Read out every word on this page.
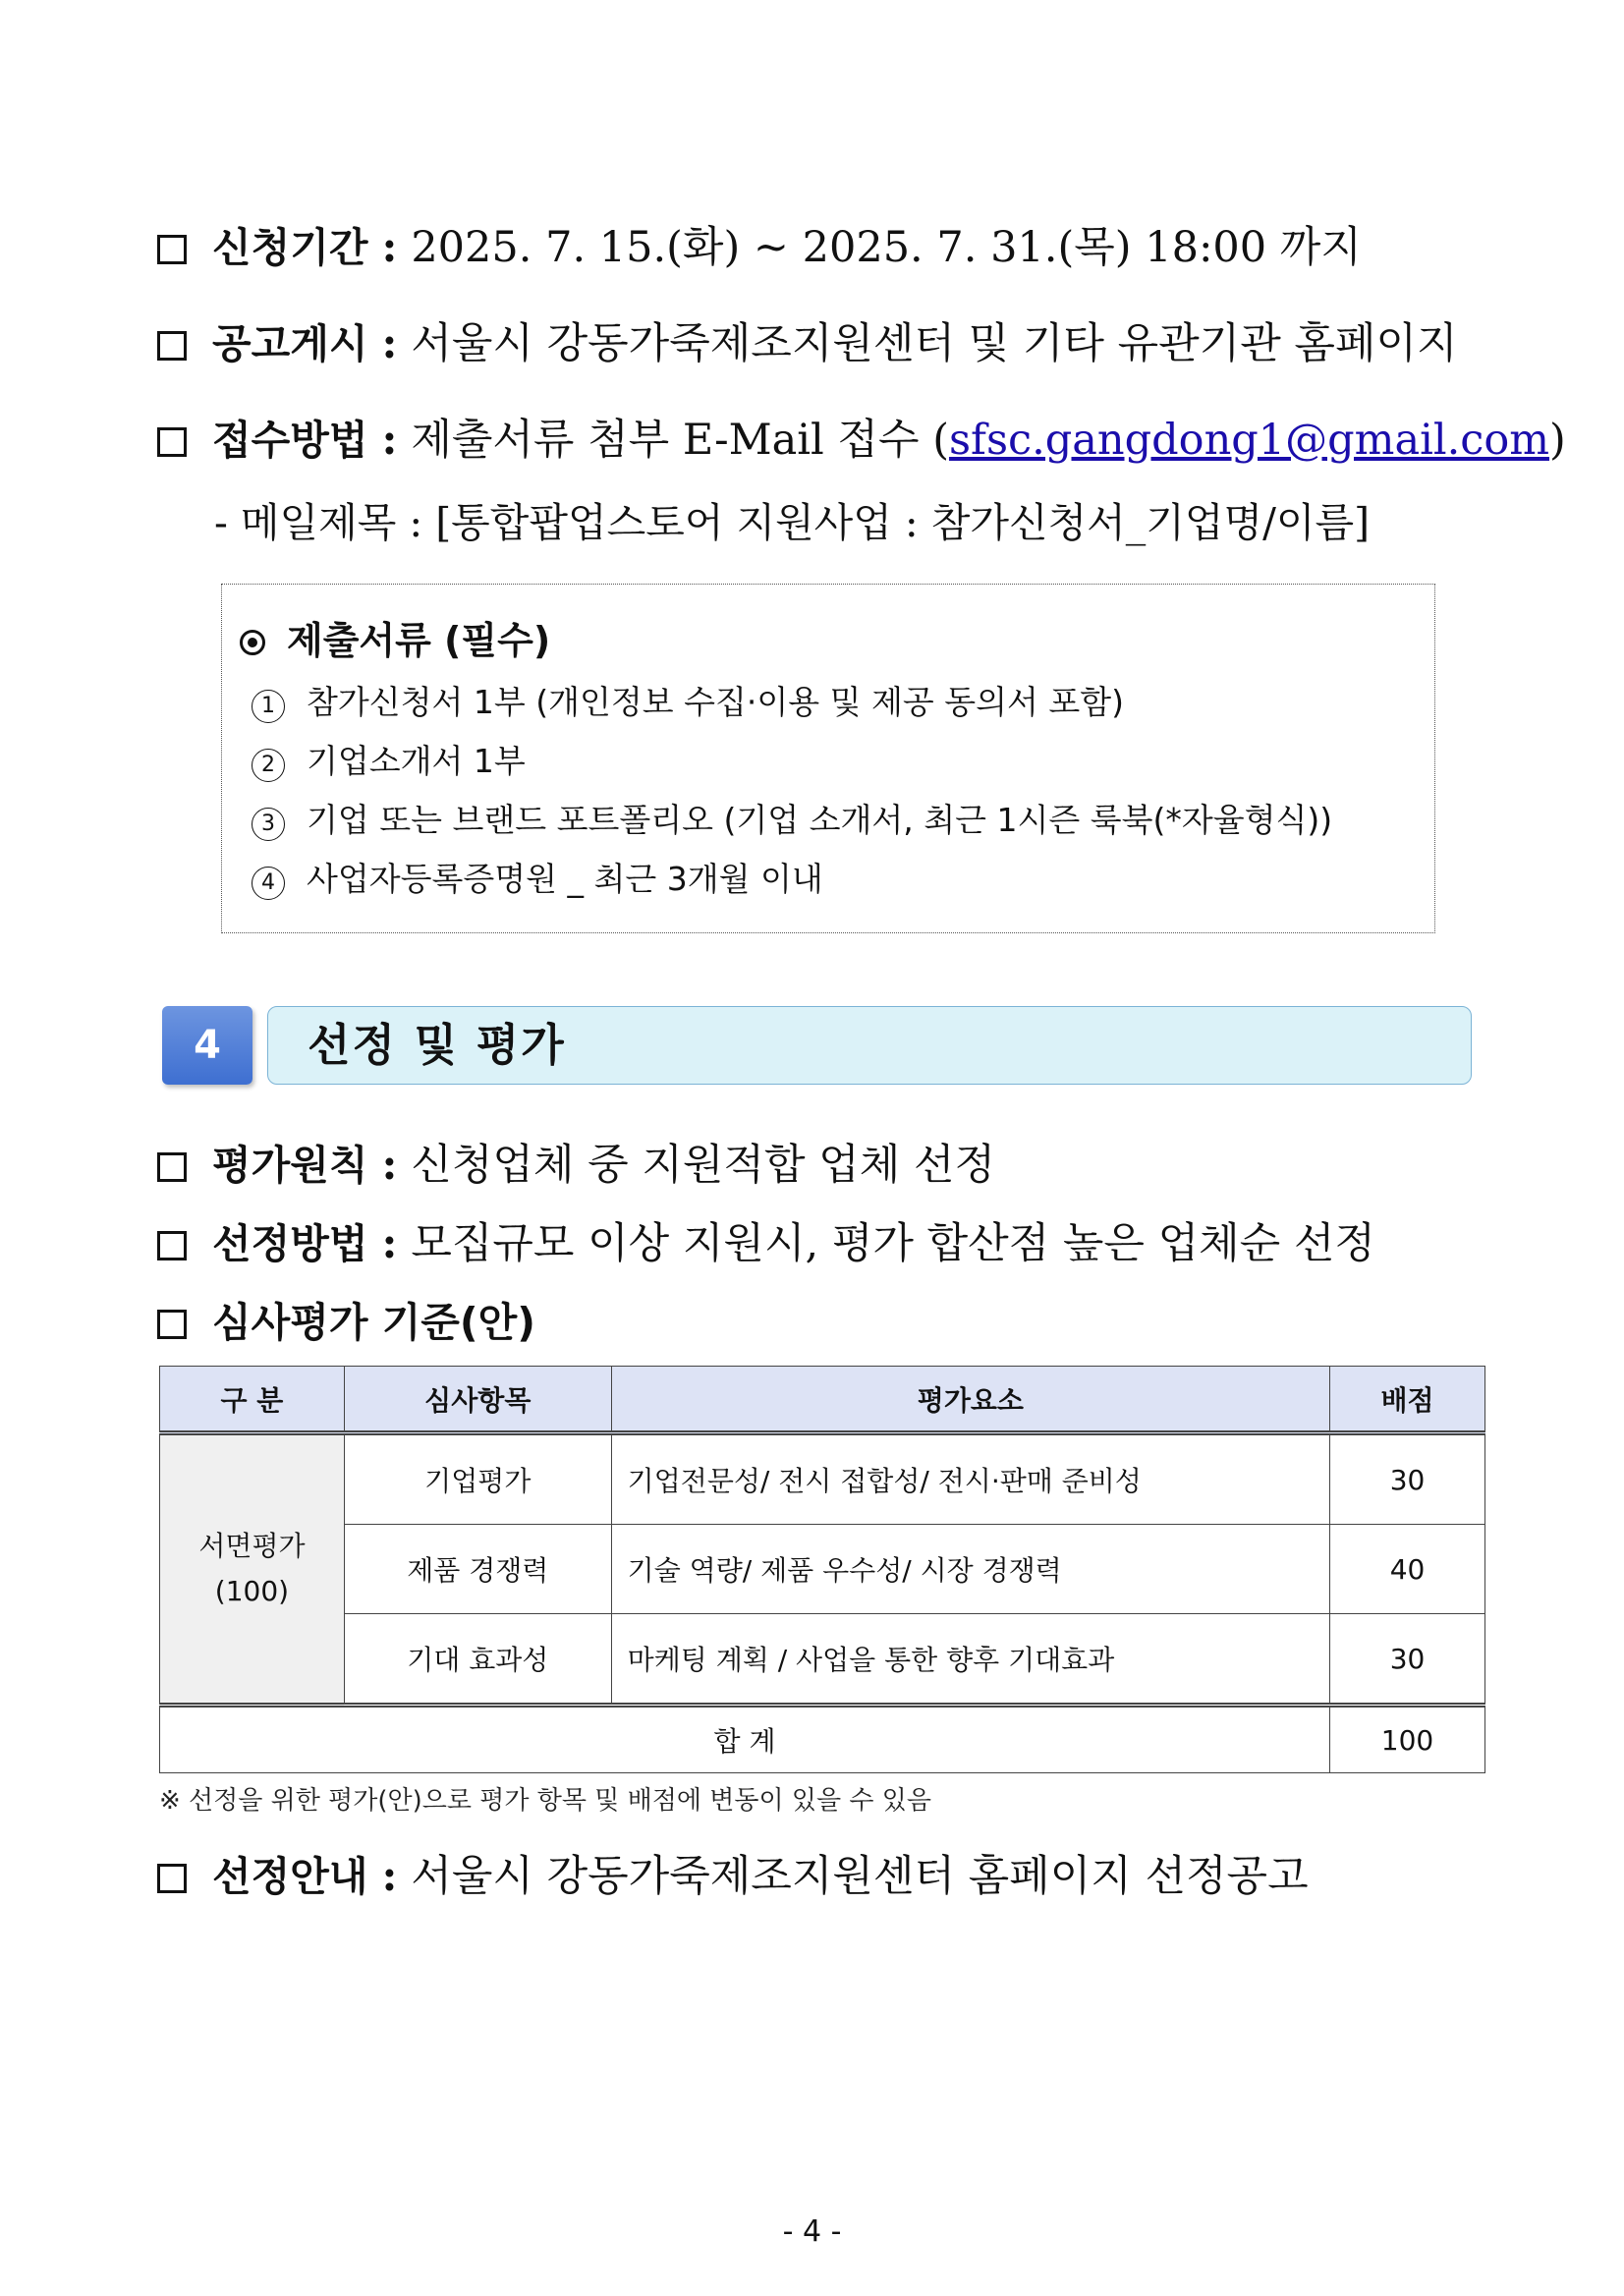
신청기간 : 2025. 7. 15.(화) ~ 2025. 7. 31.(목) 18:00 까지
공고게시 : 서울시 강동가죽제조지원센터 및 기타 유관기관 홈페이지
접수방법 : 제출서류 첨부 E-Mail 접수 (sfsc.gangdong1@gmail.com)
- 메일제목 : [통합팝업스토어 지원사업 : 참가신청서_기업명/이름]
제출서류 (필수)
1 참가신청서 1부 (개인정보 수집·이용 및 제공 동의서 포함)
2 기업소개서 1부
3 기업 또는 브랜드 포트폴리오 (기업 소개서, 최근 1시즌 룩북(*자율형식))
4 사업자등록증명원 _ 최근 3개월 이내
4	선정 및 평가
평가원칙 : 신청업체 중 지원적합 업체 선정
선정방법 : 모집규모 이상 지원시, 평가 합산점 높은 업체순 선정
심사평가 기준(안)
구 분	심사항목	평가요소	배점

서면평가
(100)	기업평가	기업전문성/ 전시 접합성/ 전시·판매 준비성	30
	제품 경쟁력	기술 역량/ 제품 우수성/ 시장 경쟁력	40
	기대 효과성	마케팅 계획 / 사업을 통한 향후 기대효과	30
합 계			100
※ 선정을 위한 평가(안)으로 평가 항목 및 배점에 변동이 있을 수 있음
선정안내 : 서울시 강동가죽제조지원센터 홈페이지 선정공고
- 4 -
